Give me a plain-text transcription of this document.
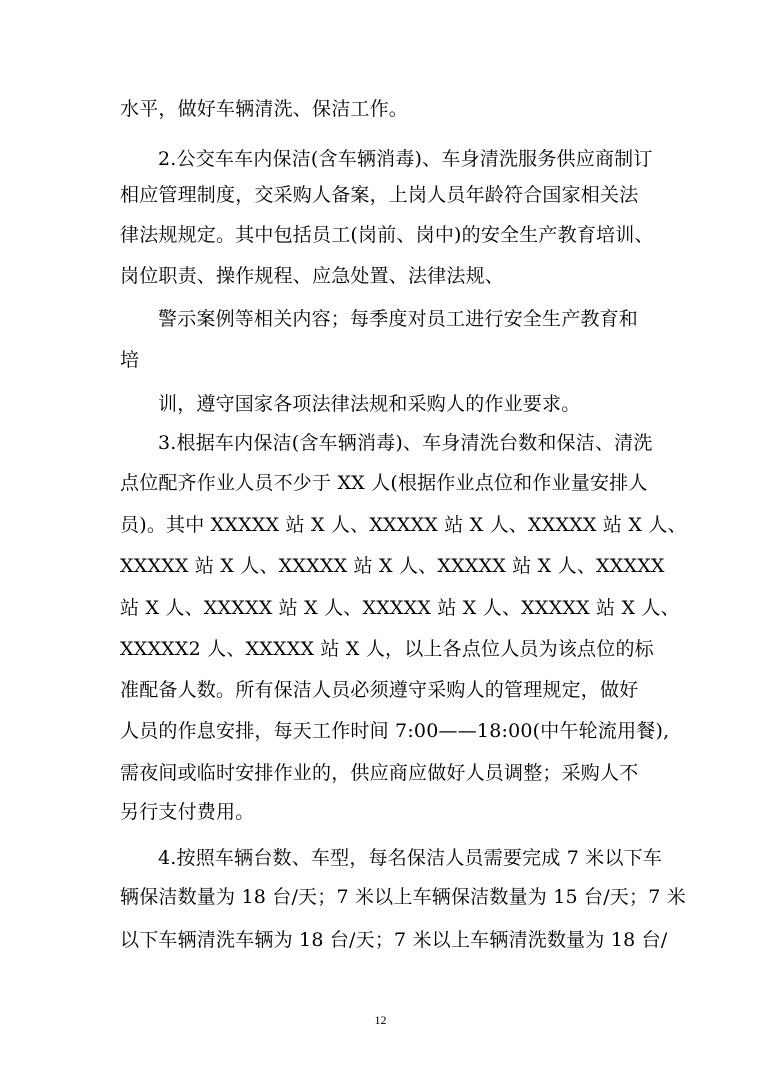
水平，做好车辆清洗、保洁工作。
2.公交车车内保洁(含车辆消毒)、车身清洗服务供应商制订
相应管理制度，交采购人备案，上岗人员年龄符合国家相关法
律法规规定。其中包括员工(岗前、岗中)的安全生产教育培训、
岗位职责、操作规程、应急处置、法律法规、
警示案例等相关内容；每季度对员工进行安全生产教育和
培
训，遵守国家各项法律法规和采购人的作业要求。
3.根据车内保洁(含车辆消毒)、车身清洗台数和保洁、清洗
点位配齐作业人员不少于 XX 人(根据作业点位和作业量安排人
员)。其中 XXXXX 站 X 人、XXXXX 站 X 人、XXXXX 站 X 人、
XXXXX 站 X 人、XXXXX 站 X 人、XXXXX 站 X 人、XXXXX
站 X 人、XXXXX 站 X 人、XXXXX 站 X 人、XXXXX 站 X 人、
XXXXX2 人、XXXXX 站 X 人，以上各点位人员为该点位的标
准配备人数。所有保洁人员必须遵守采购人的管理规定，做好
人员的作息安排，每天工作时间 7:00——18:00(中午轮流用餐),
需夜间或临时安排作业的，供应商应做好人员调整；采购人不
另行支付费用。
4.按照车辆台数、车型，每名保洁人员需要完成 7 米以下车
辆保洁数量为 18 台/天；7 米以上车辆保洁数量为 15 台/天；7 米
以下车辆清洗车辆为 18 台/天；7 米以上车辆清洗数量为 18 台/
12
